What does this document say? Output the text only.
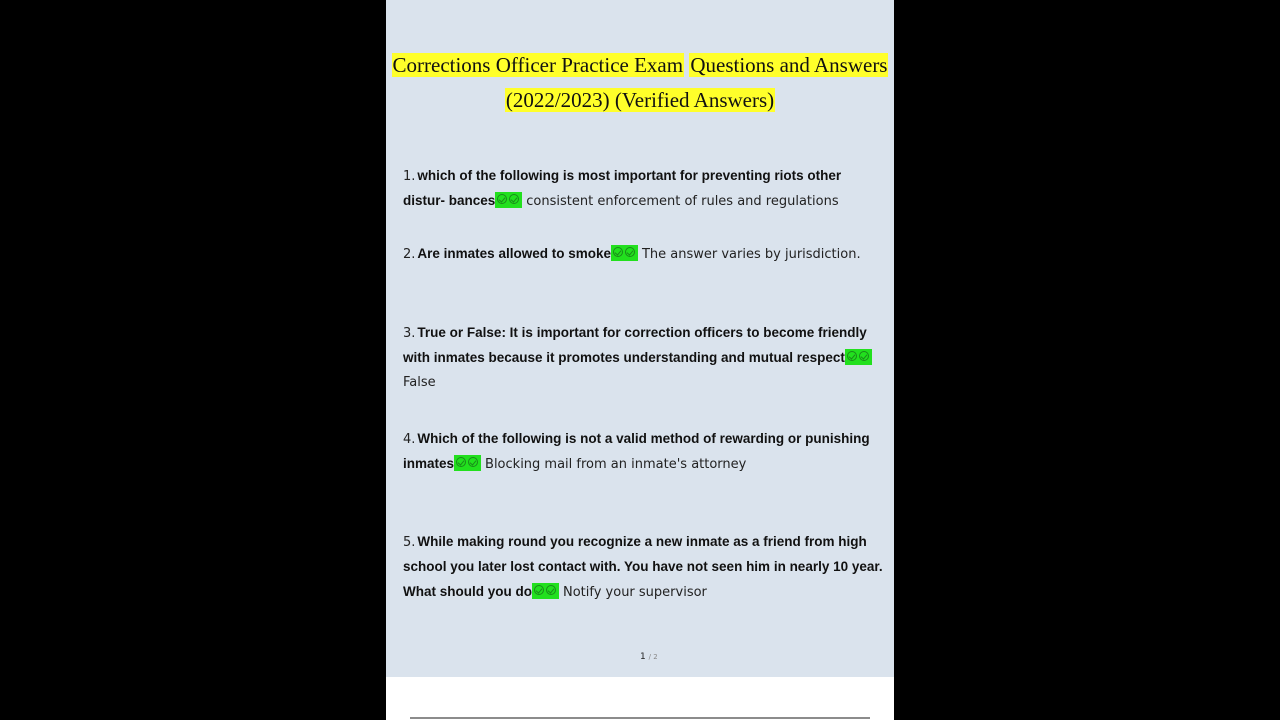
Corrections Officer Practice Exam Questions and Answers
(2022/2023) (Verified Answers)
1. which of the following is most important for preventing riots other distur- bances consistent enforcement of rules and regulations
2. Are inmates allowed to smoke The answer varies by jurisdiction.
3. True or False: It is important for correction officers to become friendly with inmates because it promotes understanding and mutual respect
False
4. Which of the following is not a valid method of rewarding or punishing inmates Blocking mail from an inmate's attorney
5. While making round you recognize a new inmate as a friend from high school you later lost contact with. You have not seen him in nearly 10 year. What should you do Notify your supervisor
1 / 2
